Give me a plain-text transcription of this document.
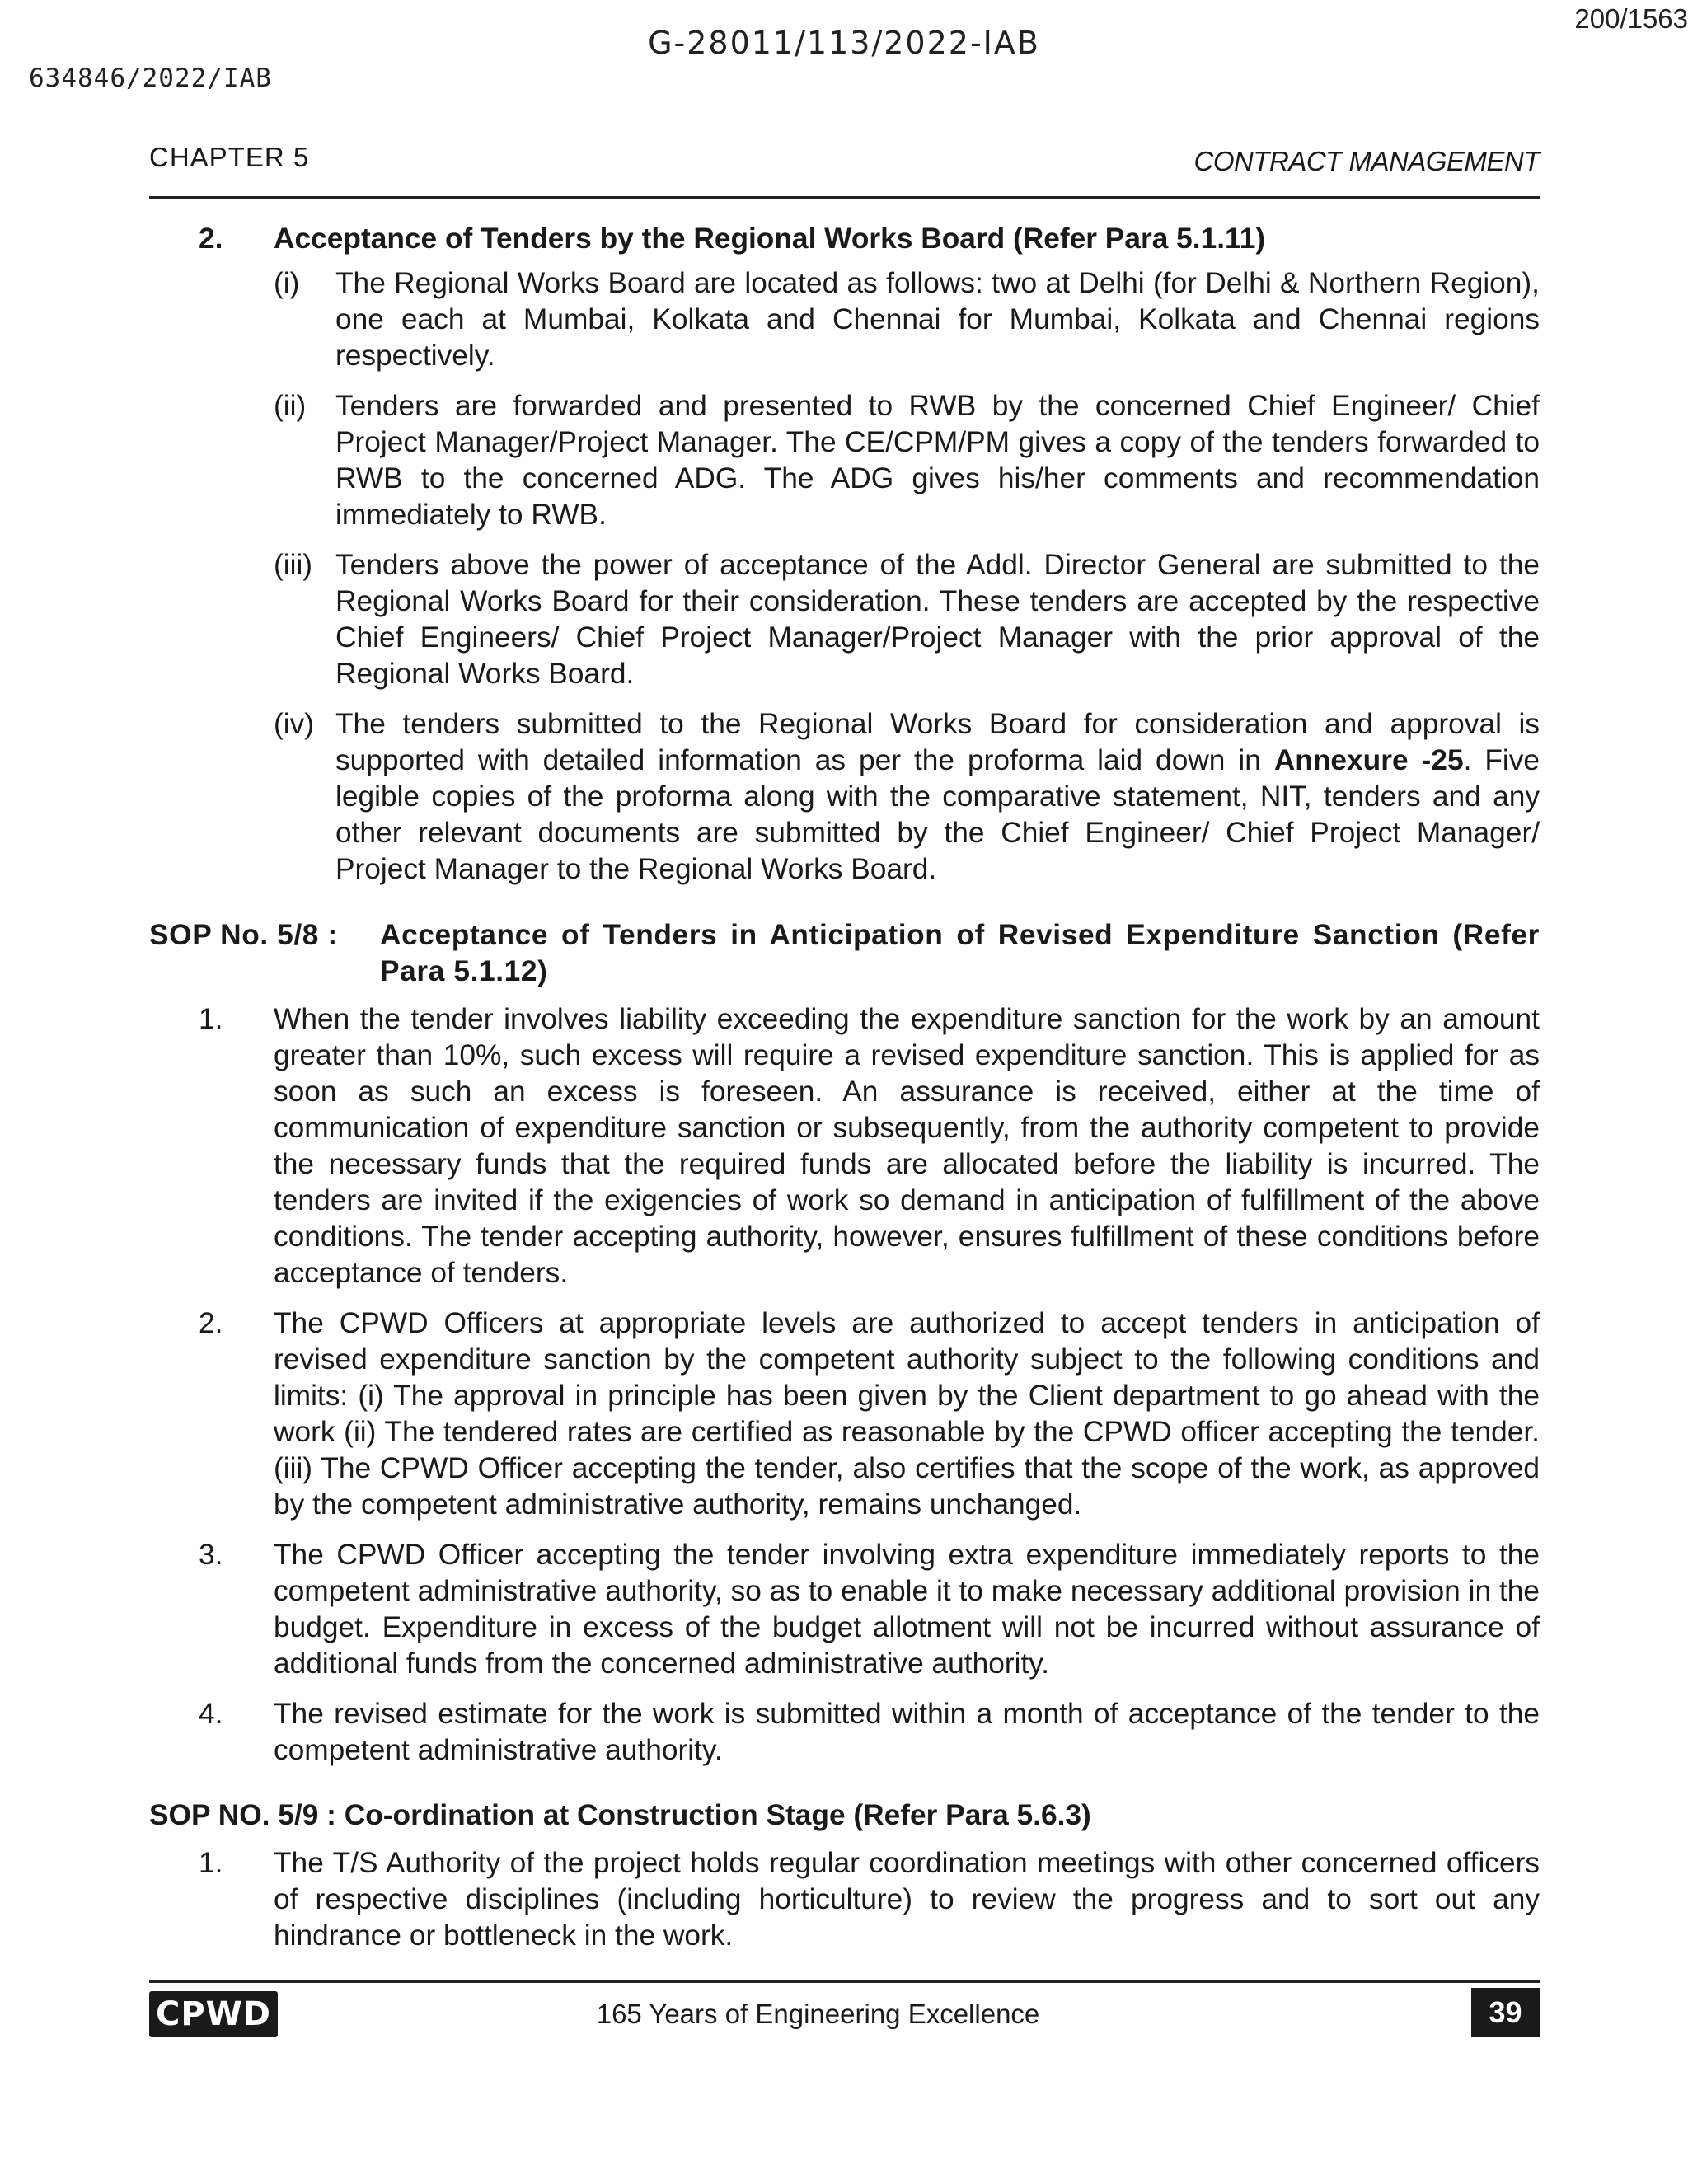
G-28011/113/2022-IAB
200/1563
634846/2022/IAB
CHAPTER 5	CONTRACT MANAGEMENT
2. Acceptance of Tenders by the Regional Works Board (Refer Para 5.1.11)
(i) The Regional Works Board are located as follows: two at Delhi (for Delhi & Northern Region), one each at Mumbai, Kolkata and Chennai for Mumbai, Kolkata and Chennai regions respectively.
(ii) Tenders are forwarded and presented to RWB by the concerned Chief Engineer/ Chief Project Manager/Project Manager. The CE/CPM/PM gives a copy of the tenders forwarded to RWB to the concerned ADG. The ADG gives his/her comments and recommendation immediately to RWB.
(iii) Tenders above the power of acceptance of the Addl. Director General are submitted to the Regional Works Board for their consideration. These tenders are accepted by the respective Chief Engineers/ Chief Project Manager/Project Manager with the prior approval of the Regional Works Board.
(iv) The tenders submitted to the Regional Works Board for consideration and approval is supported with detailed information as per the proforma laid down in Annexure -25. Five legible copies of the proforma along with the comparative statement, NIT, tenders and any other relevant documents are submitted by the Chief Engineer/ Chief Project Manager/ Project Manager to the Regional Works Board.
SOP No. 5/8 : Acceptance of Tenders in Anticipation of Revised Expenditure Sanction (Refer Para 5.1.12)
1. When the tender involves liability exceeding the expenditure sanction for the work by an amount greater than 10%, such excess will require a revised expenditure sanction. This is applied for as soon as such an excess is foreseen. An assurance is received, either at the time of communication of expenditure sanction or subsequently, from the authority competent to provide the necessary funds that the required funds are allocated before the liability is incurred. The tenders are invited if the exigencies of work so demand in anticipation of fulfillment of the above conditions. The tender accepting authority, however, ensures fulfillment of these conditions before acceptance of tenders.
2. The CPWD Officers at appropriate levels are authorized to accept tenders in anticipation of revised expenditure sanction by the competent authority subject to the following conditions and limits: (i) The approval in principle has been given by the Client department to go ahead with the work (ii) The tendered rates are certified as reasonable by the CPWD officer accepting the tender. (iii) The CPWD Officer accepting the tender, also certifies that the scope of the work, as approved by the competent administrative authority, remains unchanged.
3. The CPWD Officer accepting the tender involving extra expenditure immediately reports to the competent administrative authority, so as to enable it to make necessary additional provision in the budget. Expenditure in excess of the budget allotment will not be incurred without assurance of additional funds from the concerned administrative authority.
4. The revised estimate for the work is submitted within a month of acceptance of the tender to the competent administrative authority.
SOP NO. 5/9 : Co-ordination at Construction Stage (Refer Para 5.6.3)
1. The T/S Authority of the project holds regular coordination meetings with other concerned officers of respective disciplines (including horticulture) to review the progress and to sort out any hindrance or bottleneck in the work.
CPWD	165 Years of Engineering Excellence	39
